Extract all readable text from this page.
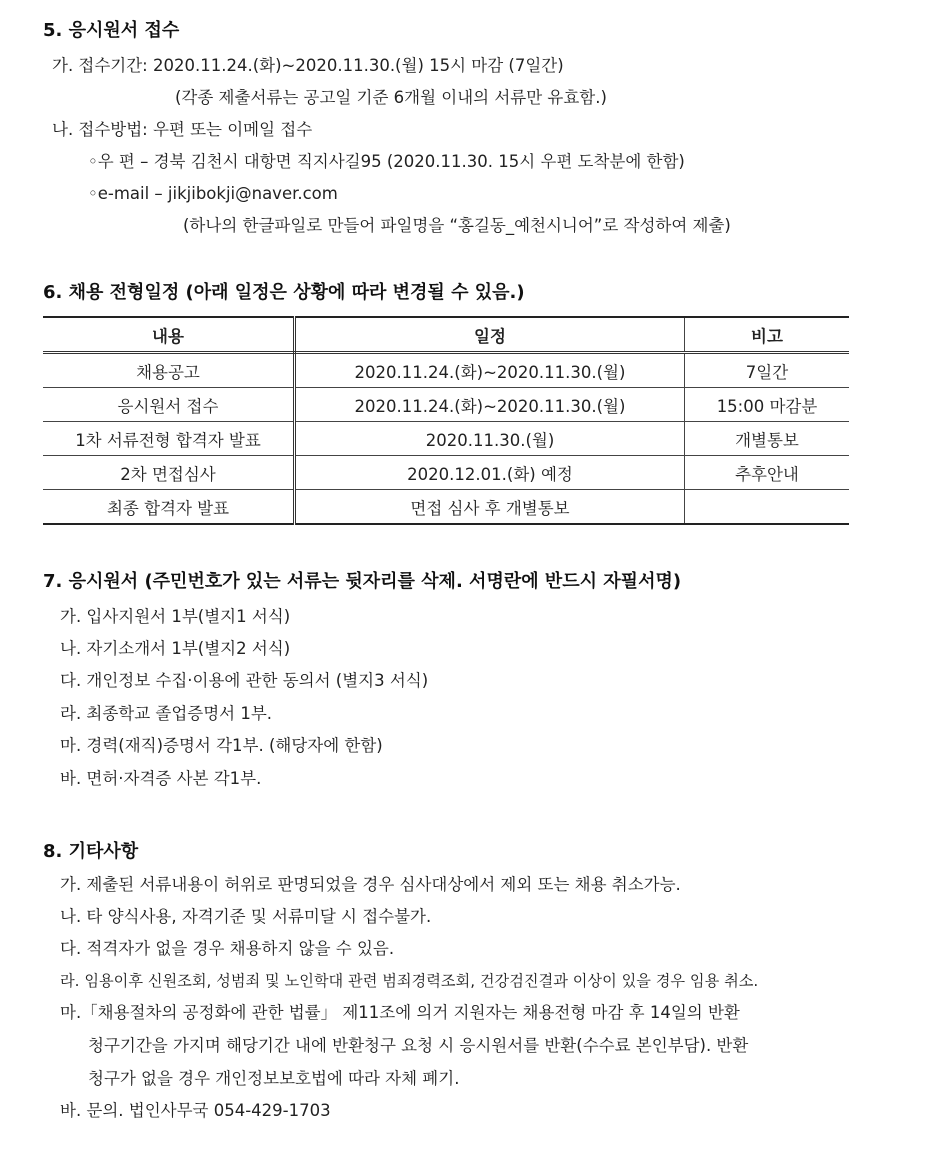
5. 응시원서 접수
가. 접수기간: 2020.11.24.(화)~2020.11.30.(월) 15시 마감 (7일간)
(각종 제출서류는 공고일 기준 6개월 이내의 서류만 유효함.)
나. 접수방법: 우편 또는 이메일 접수
◦우 편 – 경북 김천시 대항면 직지사길95 (2020.11.30. 15시 우편 도착분에 한함)
◦e-mail – jikjibokji@naver.com
(하나의 한글파일로 만들어 파일명을 “홍길동_예천시니어”로 작성하여 제출)
6. 채용 전형일정 (아래 일정은 상황에 따라 변경될 수 있음.)
내용	일정	비고
채용공고	2020.11.24.(화)~2020.11.30.(월)	7일간
응시원서 접수	2020.11.24.(화)~2020.11.30.(월)	15:00 마감분
1차 서류전형 합격자 발표	2020.11.30.(월)	개별통보
2차 면접심사	2020.12.01.(화) 예정	추후안내
최종 합격자 발표	면접 심사 후 개별통보	
7. 응시원서 (주민번호가 있는 서류는 뒷자리를 삭제. 서명란에 반드시 자필서명)
가. 입사지원서 1부(별지1 서식)
나. 자기소개서 1부(별지2 서식)
다. 개인정보 수집·이용에 관한 동의서 (별지3 서식)
라. 최종학교 졸업증명서 1부.
마. 경력(재직)증명서 각1부. (해당자에 한함)
바. 면허·자격증 사본 각1부.
8. 기타사항
가. 제출된 서류내용이 허위로 판명되었을 경우 심사대상에서 제외 또는 채용 취소가능.
나. 타 양식사용, 자격기준 및 서류미달 시 접수불가.
다. 적격자가 없을 경우 채용하지 않을 수 있음.
라. 임용이후 신원조회, 성범죄 및 노인학대 관련 범죄경력조회, 건강검진결과 이상이 있을 경우 임용 취소.
마.「채용절차의 공정화에 관한 법률」 제11조에 의거 지원자는 채용전형 마감 후 14일의 반환
청구기간을 가지며 해당기간 내에 반환청구 요청 시 응시원서를 반환(수수료 본인부담). 반환
청구가 없을 경우 개인정보보호법에 따라 자체 폐기.
바. 문의. 법인사무국 054-429-1703
